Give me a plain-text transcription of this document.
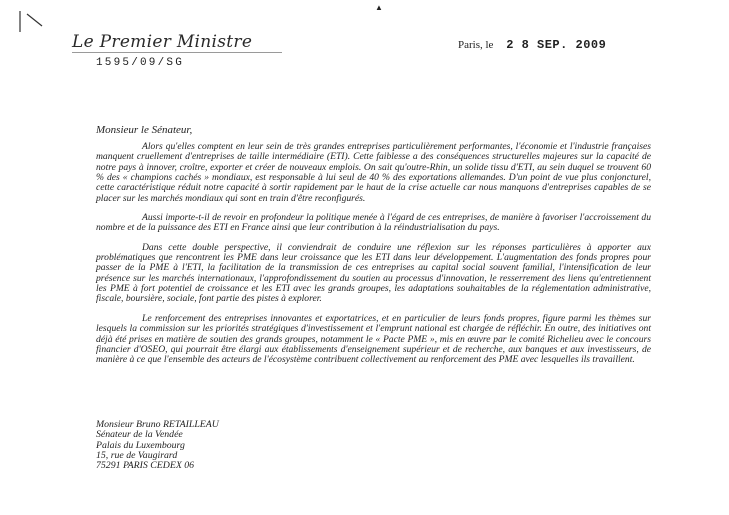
▲
Le Premier Ministre	Paris, le 2 8 SEP. 2009
1595/09/SG
Monsieur le Sénateur,

Alors qu'elles comptent en leur sein de très grandes entreprises particulièrement performantes, l'économie et l'industrie françaises manquent cruellement d'entreprises de taille intermédiaire (ETI). Cette faiblesse a des conséquences structurelles majeures sur la capacité de notre pays à innover, croître, exporter et créer de nouveaux emplois. On sait qu'outre-Rhin, un solide tissu d'ETI, au sein duquel se trouvent 60 % des « champions cachés » mondiaux, est responsable à lui seul de 40 % des exportations allemandes. D'un point de vue plus conjoncturel, cette caractéristique réduit notre capacité à sortir rapidement par le haut de la crise actuelle car nous manquons d'entreprises capables de se placer sur les marchés mondiaux qui sont en train d'être reconfigurés.

Aussi importe-t-il de revoir en profondeur la politique menée à l'égard de ces entreprises, de manière à favoriser l'accroissement du nombre et de la puissance des ETI en France ainsi que leur contribution à la réindustrialisation du pays.

Dans cette double perspective, il conviendrait de conduire une réflexion sur les réponses particulières à apporter aux problématiques que rencontrent les PME dans leur croissance que les ETI dans leur développement. L'augmentation des fonds propres pour passer de la PME à l'ETI, la facilitation de la transmission de ces entreprises au capital social souvent familial, l'intensification de leur présence sur les marchés internationaux, l'approfondissement du soutien au processus d'innovation, le resserrement des liens qu'entretiennent les PME à fort potentiel de croissance et les ETI avec les grands groupes, les adaptations souhaitables de la réglementation administrative, fiscale, boursière, sociale, font partie des pistes à explorer.

Le renforcement des entreprises innovantes et exportatrices, et en particulier de leurs fonds propres, figure parmi les thèmes sur lesquels la commission sur les priorités stratégiques d'investissement et l'emprunt national est chargée de réfléchir. En outre, des initiatives ont déjà été prises en matière de soutien des grands groupes, notamment le « Pacte PME », mis en œuvre par le comité Richelieu avec le concours financier d'OSEO, qui pourrait être élargi aux établissements d'enseignement supérieur et de recherche, aux banques et aux investisseurs, de manière à ce que l'ensemble des acteurs de l'écosystème contribuent collectivement au renforcement des PME avec lesquelles ils travaillent.

Monsieur Bruno RETAILLEAU
Sénateur de la Vendée
Palais du Luxembourg
15, rue de Vaugirard
75291 PARIS CEDEX 06
